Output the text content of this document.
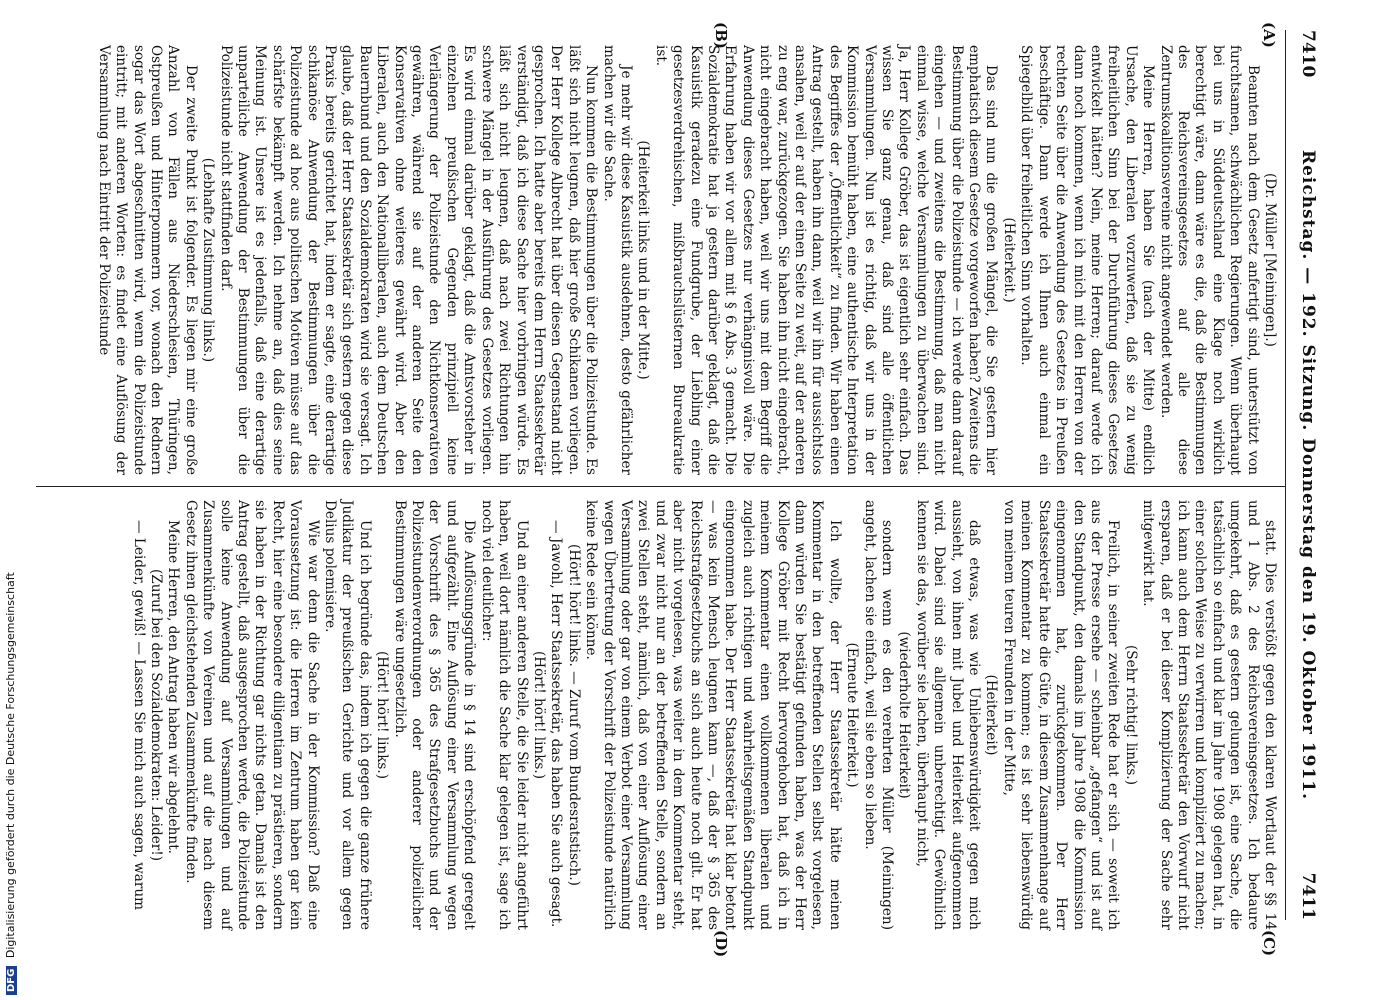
7410
Reichstag. — 192. Sitzung. Donnerstag den 19. Oktober 1911.
7411
(A)
(B)
(C)
(D)

(Dr. Müller [Meiningen].)

Beamten nach dem Gesetz anfertigt sind, unterstützt von furchtsamen, schwächlichen Regierungen. Wenn überhaupt bei uns in Süddeutschland eine Klage noch wirklich berechtigt wäre, dann wäre es die, daß die Bestimmungen des Reichsvereinsgesetzes auf alle diese Zentrumskoalitionsvereine nicht angewendet werden.

Meine Herren, haben Sie (nach der Mitte) endlich Ursache, den Liberalen vorzuwerfen, daß sie zu wenig freiheitlichen Sinn bei der Durchführung dieses Gesetzes entwickelt hätten? Nein, meine Herren; darauf werde ich dann noch kommen, wenn ich mich mit den Herren von der rechten Seite über die Anwendung des Gesetzes in Preußen beschäftige. Dann werde ich Ihnen auch einmal ein Spiegelbild über freiheitlichen Sinn vorhalten.

(Heiterkeit.)

Das sind nun die großen Mängel, die Sie gestern hier emphatisch diesem Gesetze vorgeworfen haben? Zweitens die Bestimmung über die Polizeistunde — ich werde dann darauf eingehen — und zweitens die Bestimmung, daß man nicht einmal wisse, welche Versammlungen zu überwachen sind. Ja, Herr Kollege Gröber, das ist eigentlich sehr einfach. Das wissen Sie ganz genau, daß sind alle öffentlichen Versammlungen. Nun ist es richtig, daß wir uns in der Kommission bemüht haben, eine authentische Interpretation des Begriffes der „Öffentlichkeit“ zu finden. Wir haben einen Antrag gestellt, haben ihn dann, weil wir ihn für aussichtslos ansahen, weil er auf der einen Seite zu weit, auf der anderen zu eng war, zurückgezogen. Sie haben ihn nicht eingebracht, nicht eingebracht haben, weil wir uns mit dem Begriff die Anwendung dieses Gesetzes nur verhängnisvoll wäre. Die Erfahrung haben wir vor allem mit § 6 Abs. 3 gemacht. Die Sozialdemokratie hat ja gestern darüber geklagt, daß die Kasuistik geradezu eine Fundgrube, der Liebling einer gesetzesverdrehischen, mißbrauchslüsternen Bureaukratie ist.

(Heiterkeit links und in der Mitte.)

Je mehr wir diese Kasuistik ausdehnen, desto gefährlicher machen wir die Sache.

Nun kommen die Bestimmungen über die Polizeistunde. Es läßt sich nicht leugnen, daß hier große Schikanen vorliegen. Der Herr Kollege Albrecht hat über diesen Gegenstand nicht gesprochen. Ich hatte aber bereits dem Herrn Staatssekretär verständigt, daß ich diese Sache hier vorbringen würde. Es läßt sich nicht leugnen, daß nach zwei Richtungen hin schwere Mängel in der Ausführung des Gesetzes vorliegen. Es wird einmal darüber geklagt, daß die Amtsvorsteher in einzelnen preußischen Gegenden prinzipiell keine Verlängerung der Polizeistunde den Nichtkonservativen gewähren, während sie auf der anderen Seite den Konservativen ohne weiteres gewährt wird. Aber den Liberalen, auch den Nationalliberalen, auch dem Deutschen Bauernbund und den Sozialdemokraten wird sie versagt. Ich glaube, daß der Herr Staatssekretär sich gestern gegen diese Praxis bereits gerichtet hat, indem er sagte, eine derartige schikanöse Anwendung der Bestimmungen über die Polizeistunde ad hoc aus politischen Motiven müsse auf das schärfste bekämpft werden. Ich nehme an, daß dies seine Meinung ist. Unsere ist es jedenfalls, daß eine derartige unparteiliche Anwendung der Bestimmungen über die Polizeistunde nicht stattfinden darf.

(Lebhafte Zustimmung links.)

Der zweite Punkt ist folgender. Es liegen mir eine große Anzahl von Fällen aus Niederschlesien, Thüringen, Ostpreußen und Hinterpommern vor, wonach den Rednern sogar das Wort abgeschnitten wird, wenn die Polizeistunde eintritt; mit anderen Worten: es findet eine Auflösung der Versammlung nach Eintritt der Polizeistunde

statt. Dies verstößt gegen den klaren Wortlaut der §§ 14 und 1 Abs. 2 des Reichsvereinsgesetzes. Ich bedaure umgekehrt, daß es gestern gelungen ist, eine Sache, die tatsächlich so einfach und klar im Jahre 1908 gelegen hat, in einer solchen Weise zu verwirren und kompliziert zu machen; ich kann auch dem Herrn Staatssekretär den Vorwurf nicht ersparen, daß er bei dieser Komplizierung der Sache sehr mitgewirkt hat.

(Sehr richtig! links.)

Freilich, in seiner zweiten Rede hat er sich — soweit ich aus der Presse ersehe — scheinbar „gefangen“ und ist auf den Standpunkt, den damals im Jahre 1908 die Kommission eingenommen hat, zurückgekommen. Der Herr Staatssekretär hatte die Güte, in diesem Zusammenhange auf meinen Kommentar zu kommen; es ist sehr liebenswürdig von meinem teuren Freunden in der Mitte,

(Heiterkeit)

daß etwas, was wie Unliebenswürdigkeit gegen mich aussieht, von ihnen mit Jubel und Heiterkeit aufgenommen wird. Dabei sind sie allgemein unberechtigt. Gewöhnlich kennen sie das, worüber sie lachen, überhaupt nicht,

(wiederholte Heiterkeit)

sondern wenn es den verehrten Müller (Meiningen) angeht, lachen sie einfach, weil sie eben so lieben.

(Erneute Heiterkeit.)

Ich wollte, der Herr Staatssekretär hätte meinen Kommentar in den betreffenden Stellen selbst vorgelesen, dann würden Sie bestätigt gefunden haben, was der Herr Kollege Gröber mit Recht hervorgehoben hat, daß ich in meinem Kommentar einen vollkommenen liberalen und zugleich auch richtigen und wahrheitsgemäßen Standpunkt eingenommen habe. Der Herr Staatssekretär hat klar betont — was kein Mensch leugnen kann —, daß der § 365 des Reichsstrafgesetzbuchs an sich auch heute noch gilt. Er hat aber nicht vorgelesen, was weiter in dem Kommentar steht, und zwar nicht nur an der betreffenden Stelle, sondern an zwei Stellen steht, nämlich, daß von einer Auflösung einer Versammlung oder gar von einem Verbot einer Versammlung wegen Übertretung der Vorschrift der Polizeistunde natürlich keine Rede sein könne.

(Hört! hört! links. — Zuruf vom Bundesratstisch.)

— Jawohl, Herr Staatssekretär, das haben Sie auch gesagt.

(Hört! hört! links.)

Und an einer anderen Stelle, die Sie leider nicht angeführt haben, weil dort nämlich die Sache klar gelegen ist, sage ich noch viel deutlicher:

Die Auflösungsgründe in § 14 sind erschöpfend geregelt und aufgezählt. Eine Auflösung einer Versammlung wegen der Vorschrift des § 365 des Strafgesetzbuchs und der Polizeistundenverordnungen oder anderer polizeilicher Bestimmungen wäre ungesetzlich.

(Hört! hört! links.)

Und ich begründe das, indem ich gegen die ganze frühere Judikatur der preußischen Gerichte und vor allem gegen Delius polemisiere.

Wie war denn die Sache in der Kommission? Daß eine Voraussetzung ist: die Herren im Zentrum haben gar kein Recht, hier eine besondere diligentiam zu prästieren, sondern sie haben in der Richtung gar nichts getan. Damals ist den Antrag gestellt, daß ausgesprochen werde, die Polizeistunde solle keine Anwendung auf Versammlungen und auf Zusammenkünfte von Vereinen und auf die nach diesem Gesetz ihnen gleichstehenden Zusammenkünfte finden.

Meine Herren, den Antrag haben wir abgelehnt.

(Zuruf bei den Sozialdemokraten: Leider!)

— Leider, gewiß! — Lassen Sie mich auch sagen, warum

DFG Digitalisierung gefördert durch die Deutsche Forschungsgemeinschaft
